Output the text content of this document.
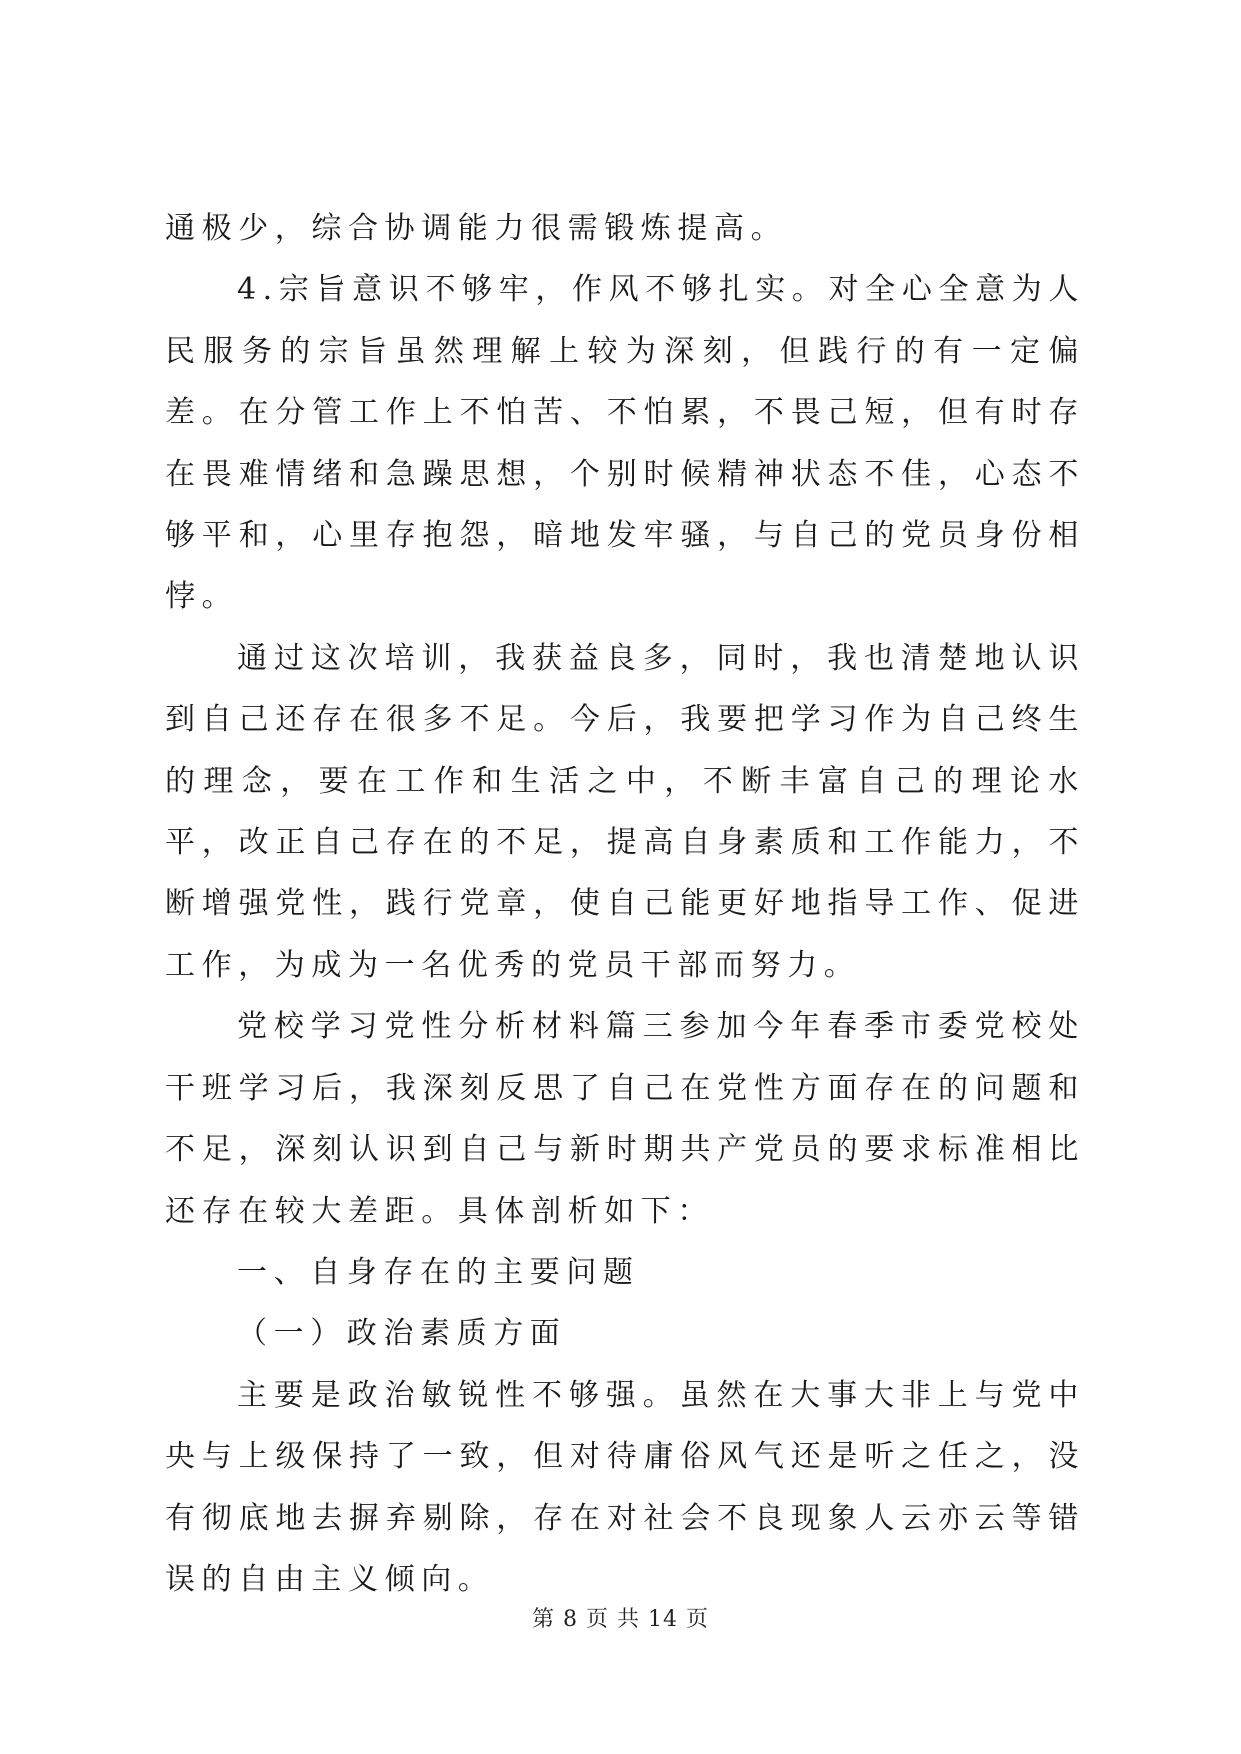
通极少，综合协调能力很需锻炼提高。

4.宗旨意识不够牢，作风不够扎实。对全心全意为人民服务的宗旨虽然理解上较为深刻，但践行的有一定偏差。在分管工作上不怕苦、不怕累，不畏己短，但有时存在畏难情绪和急躁思想，个别时候精神状态不佳，心态不够平和，心里存抱怨，暗地发牢骚，与自己的党员身份相悖。

通过这次培训，我获益良多，同时，我也清楚地认识到自己还存在很多不足。今后，我要把学习作为自己终生的理念，要在工作和生活之中，不断丰富自己的理论水平，改正自己存在的不足，提高自身素质和工作能力，不断增强党性，践行党章，使自己能更好地指导工作、促进工作，为成为一名优秀的党员干部而努力。

党校学习党性分析材料篇三参加今年春季市委党校处干班学习后，我深刻反思了自己在党性方面存在的问题和不足，深刻认识到自己与新时期共产党员的要求标准相比还存在较大差距。具体剖析如下：

一、自身存在的主要问题

（一）政治素质方面

主要是政治敏锐性不够强。虽然在大事大非上与党中央与上级保持了一致，但对待庸俗风气还是听之任之，没有彻底地去摒弃剔除，存在对社会不良现象人云亦云等错误的自由主义倾向。

第 8 页 共 14 页
